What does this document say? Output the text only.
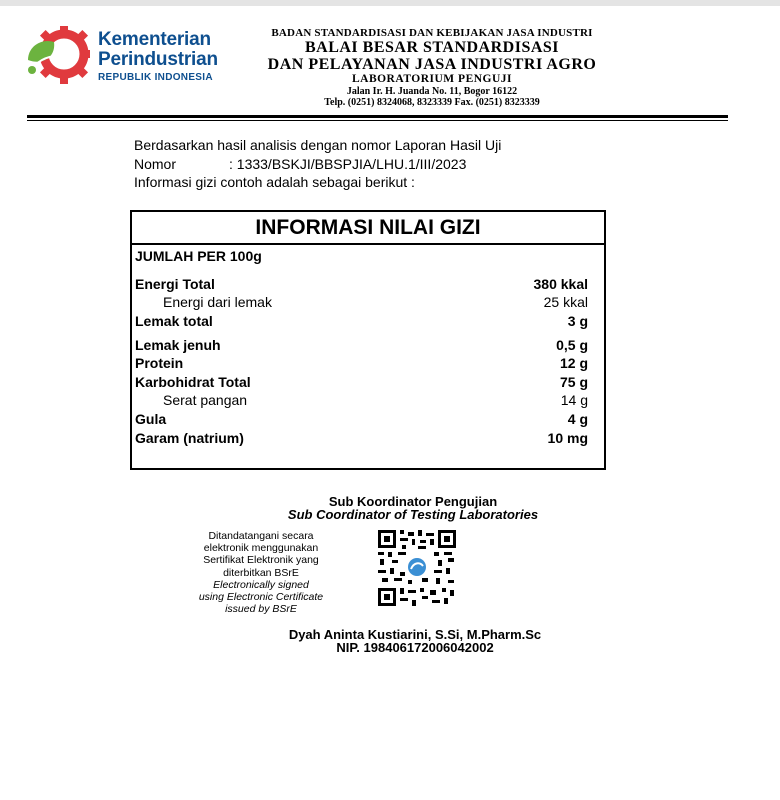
Kementerian
Perindustrian
REPUBLIK INDONESIA
BADAN STANDARDISASI DAN KEBIJAKAN JASA INDUSTRI
BALAI BESAR STANDARDISASI
DAN PELAYANAN JASA INDUSTRI AGRO
LABORATORIUM PENGUJI
Jalan Ir. H. Juanda No. 11, Bogor 16122
Telp. (0251) 8324068, 8323339 Fax. (0251) 8323339
Berdasarkan hasil analisis dengan nomor Laporan Hasil Uji
Nomor	: 1333/BSKJI/BBSPJIA/LHU.1/III/2023
Informasi gizi contoh adalah sebagai berikut :
INFORMASI NILAI GIZI
JUMLAH PER 100g
Energi Total	380 kkal
Energi dari lemak	25 kkal
Lemak total	3 g
Lemak jenuh	0,5 g
Protein	12 g
Karbohidrat Total	75 g
Serat pangan	14 g
Gula	4 g
Garam (natrium)	10 mg
Sub Koordinator Pengujian
Sub Coordinator of Testing Laboratories
Ditandatangani secara
elektronik menggunakan
Sertifikat Elektronik yang
diterbitkan BSrE
Electronically signed
using Electronic Certificate
issued by BSrE
Dyah Aninta Kustiarini, S.Si, M.Pharm.Sc
NIP. 198406172006042002
